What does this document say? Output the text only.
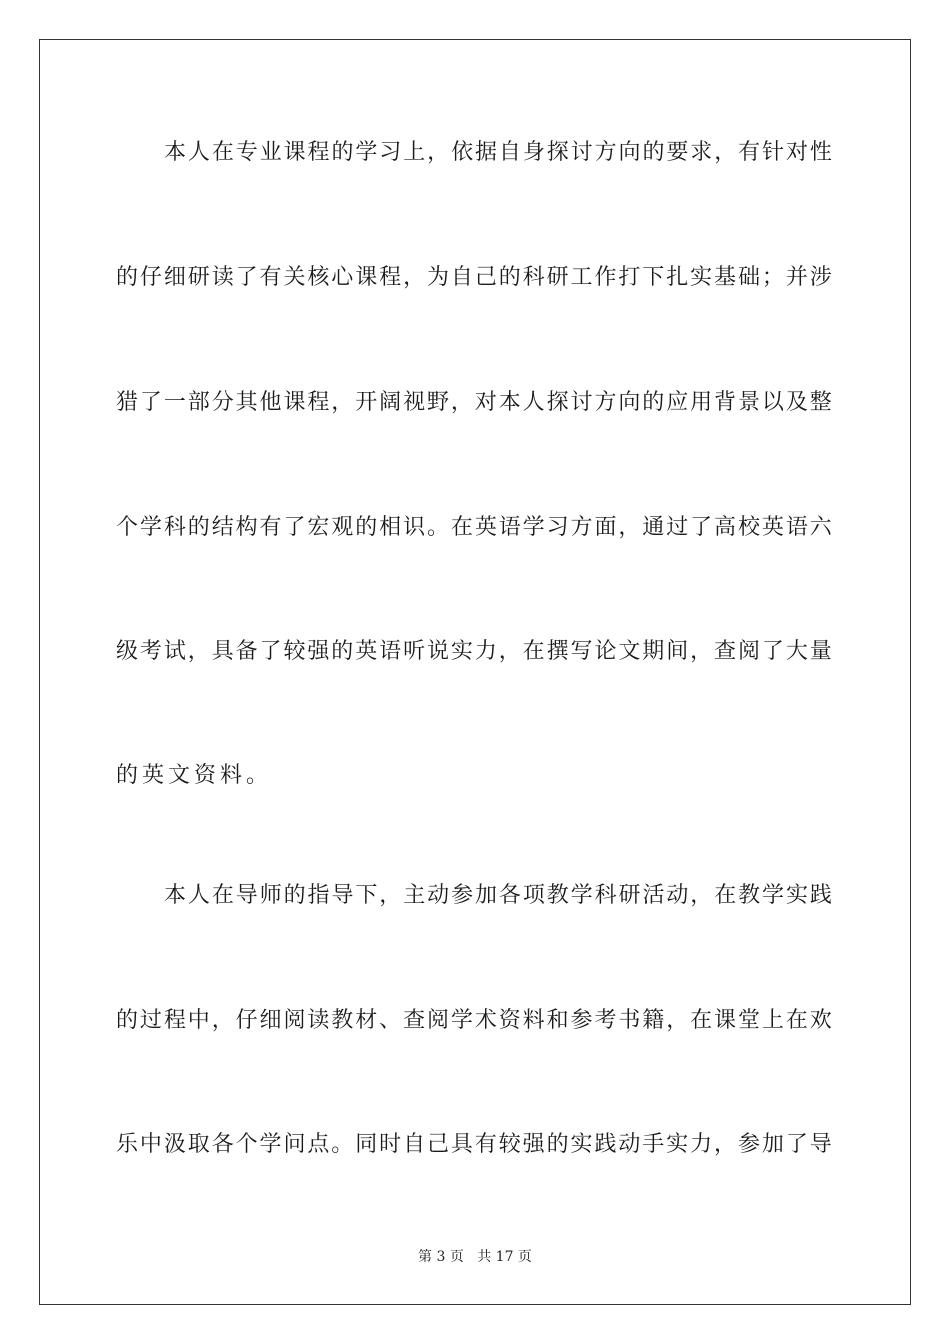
本 人 在 专 业 课 程 的 学 习 上 ， 依 据 自 身 探 讨 方 向 的 要 求 ， 有 针 对 性
的 仔 细 研 读 了 有 关 核 心 课 程 ， 为 自 己 的 科 研 工 作 打 下 扎 实 基 础 ； 并 涉
猎 了 一 部 分 其 他 课 程 ， 开 阔 视 野 ， 对 本 人 探 讨 方 向 的 应 用 背 景 以 及 整
个 学 科 的 结 构 有 了 宏 观 的 相 识 。 在 英 语 学 习 方 面 ， 通 过 了 高 校 英 语 六
级 考 试 ， 具 备 了 较 强 的 英 语 听 说 实 力 ， 在 撰 写 论 文 期 间 ， 查 阅 了 大 量
的英文资料。
本 人 在 导 师 的 指 导 下 ， 主 动 参 加 各 项 教 学 科 研 活 动 ， 在 教 学 实 践
的 过 程 中 ， 仔 细 阅 读 教 材 、 查 阅 学 术 资 料 和 参 考 书 籍 ， 在 课 堂 上 在 欢
乐 中 汲 取 各 个 学 问 点 。 同 时 自 己 具 有 较 强 的 实 践 动 手 实 力 ， 参 加 了 导
第 3 页 共 17 页
